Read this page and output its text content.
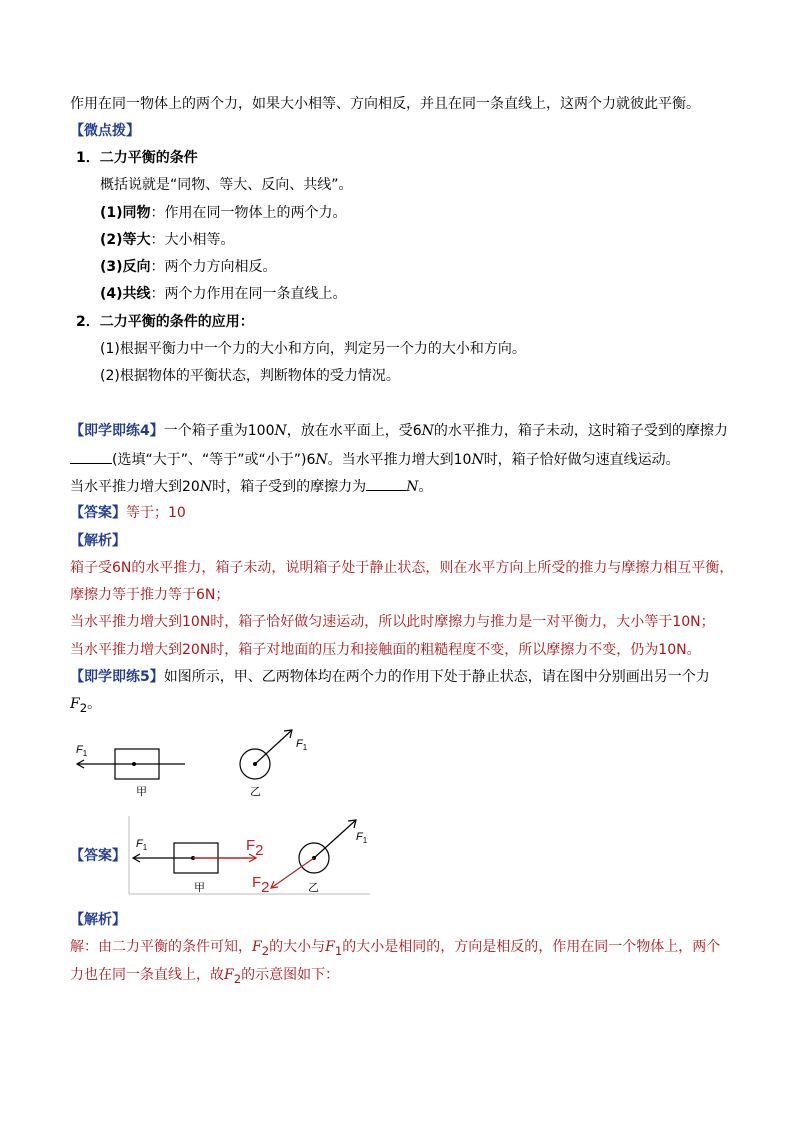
作用在同一物体上的两个力，如果大小相等、方向相反，并且在同一条直线上，这两个力就彼此平衡。
【微点拨】
1．二力平衡的条件
概括说就是“同物、等大、反向、共线”。
(1)同物：作用在同一物体上的两个力。
(2)等大：大小相等。
(3)反向：两个力方向相反。
(4)共线：两个力作用在同一条直线上。
2．二力平衡的条件的应用：
(1)根据平衡力中一个力的大小和方向，判定另一个力的大小和方向。
(2)根据物体的平衡状态，判断物体的受力情况。
【即学即练4】一个箱子重为100N，放在水平面上，受6N的水平推力，箱子未动，这时箱子受到的摩擦力
(选填“大于”、“等于”或“小于”)6N。当水平推力增大到10N时，箱子恰好做匀速直线运动。
当水平推力增大到20N时，箱子受到的摩擦力为	N。
【答案】等于；10
【解析】
箱子受6N的水平推力，箱子未动，说明箱子处于静止状态，则在水平方向上所受的推力与摩擦力相互平衡，
摩擦力等于推力等于6N；
当水平推力增大到10N时，箱子恰好做匀速运动，所以此时摩擦力与推力是一对平衡力，大小等于10N；
当水平推力增大到20N时，箱子对地面的压力和接触面的粗糙程度不变，所以摩擦力不变，仍为10N。
【即学即练5】如图所示，甲、乙两物体均在两个力的作用下处于静止状态，请在图中分别画出另一个力
$F_2$。
$F_1$
甲
$F_1$
乙
【答案】
$F_1$	F2
甲
$F_1$
F2	乙
【解析】
解：由二力平衡的条件可知，$F_2$的大小与$F_1$的大小是相同的，方向是相反的，作用在同一个物体上，两个
力也在同一条直线上，故$F_2$的示意图如下：
